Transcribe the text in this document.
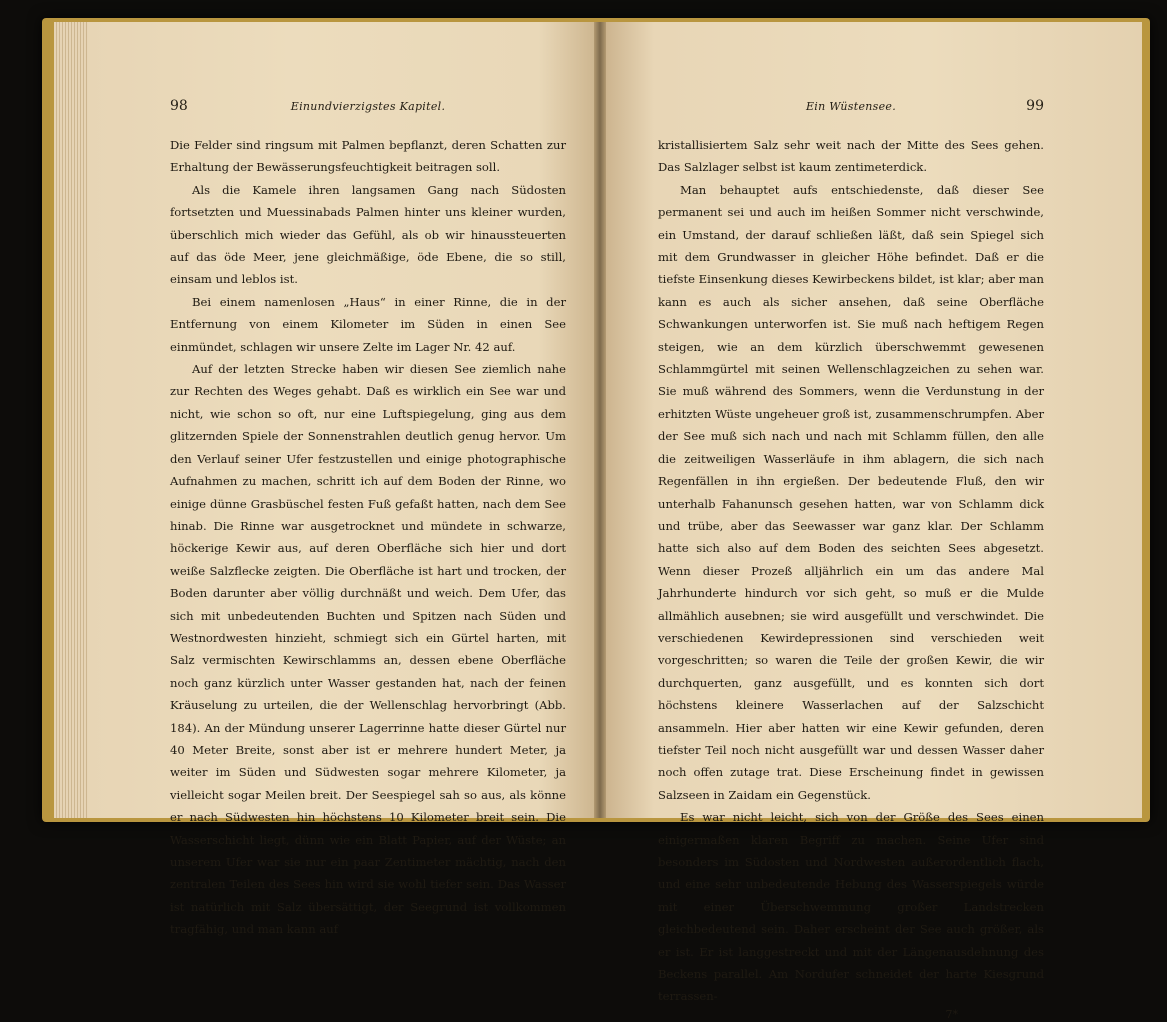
98	Einundvierzigstes Kapitel.

Die Felder sind ringsum mit Palmen bepflanzt, deren Schatten zur Erhaltung der Bewässerungsfeuchtigkeit beitragen soll.

Als die Kamele ihren langsamen Gang nach Südosten fortsetzten und Muessinabads Palmen hinter uns kleiner wurden, überschlich mich wieder das Gefühl, als ob wir hinaussteuerten auf das öde Meer, jene gleichmäßige, öde Ebene, die so still, einsam und leblos ist.

Bei einem namenlosen „Haus“ in einer Rinne, die in der Entfernung von einem Kilometer im Süden in einen See einmündet, schlagen wir unsere Zelte im Lager Nr. 42 auf.

Auf der letzten Strecke haben wir diesen See ziemlich nahe zur Rechten des Weges gehabt. Daß es wirklich ein See war und nicht, wie schon so oft, nur eine Luftspiegelung, ging aus dem glitzernden Spiele der Sonnenstrahlen deutlich genug hervor. Um den Verlauf seiner Ufer festzustellen und einige photographische Aufnahmen zu machen, schritt ich auf dem Boden der Rinne, wo einige dünne Grasbüschel festen Fuß gefaßt hatten, nach dem See hinab. Die Rinne war ausgetrocknet und mündete in schwarze, höckerige Kewir aus, auf deren Oberfläche sich hier und dort weiße Salzflecke zeigten. Die Oberfläche ist hart und trocken, der Boden darunter aber völlig durchnäßt und weich. Dem Ufer, das sich mit unbedeutenden Buchten und Spitzen nach Süden und Westnordwesten hinzieht, schmiegt sich ein Gürtel harten, mit Salz vermischten Kewirschlamms an, dessen ebene Oberfläche noch ganz kürzlich unter Wasser gestanden hat, nach der feinen Kräuselung zu urteilen, die der Wellenschlag hervorbringt (Abb. 184). An der Mündung unserer Lagerrinne hatte dieser Gürtel nur 40 Meter Breite, sonst aber ist er mehrere hundert Meter, ja weiter im Süden und Südwesten sogar mehrere Kilometer, ja vielleicht sogar Meilen breit. Der Seespiegel sah so aus, als könne er nach Südwesten hin höchstens 10 Kilometer breit sein. Die Wasserschicht liegt, dünn wie ein Blatt Papier, auf der Wüste; an unserem Ufer war sie nur ein paar Zentimeter mächtig, nach den zentralen Teilen des Sees hin wird sie wohl tiefer sein. Das Wasser ist natürlich mit Salz übersättigt, der Seegrund ist vollkommen tragfähig, und man kann auf

Ein Wüstensee.	99

kristallisiertem Salz sehr weit nach der Mitte des Sees gehen. Das Salzlager selbst ist kaum zentimeterdick.

Man behauptet aufs entschiedenste, daß dieser See permanent sei und auch im heißen Sommer nicht verschwinde, ein Umstand, der darauf schließen läßt, daß sein Spiegel sich mit dem Grundwasser in gleicher Höhe befindet. Daß er die tiefste Einsenkung dieses Kewirbeckens bildet, ist klar; aber man kann es auch als sicher ansehen, daß seine Oberfläche Schwankungen unterworfen ist. Sie muß nach heftigem Regen steigen, wie an dem kürzlich überschwemmt gewesenen Schlammgürtel mit seinen Wellenschlagzeichen zu sehen war. Sie muß während des Sommers, wenn die Verdunstung in der erhitzten Wüste ungeheuer groß ist, zusammenschrumpfen. Aber der See muß sich nach und nach mit Schlamm füllen, den alle die zeitweiligen Wasserläufe in ihm ablagern, die sich nach Regenfällen in ihn ergießen. Der bedeutende Fluß, den wir unterhalb Fahanunsch gesehen hatten, war von Schlamm dick und trübe, aber das Seewasser war ganz klar. Der Schlamm hatte sich also auf dem Boden des seichten Sees abgesetzt. Wenn dieser Prozeß alljährlich ein um das andere Mal Jahrhunderte hindurch vor sich geht, so muß er die Mulde allmählich ausebnen; sie wird ausgefüllt und verschwindet. Die verschiedenen Kewirdepressionen sind verschieden weit vorgeschritten; so waren die Teile der großen Kewir, die wir durchquerten, ganz ausgefüllt, und es konnten sich dort höchstens kleinere Wasserlachen auf der Salzschicht ansammeln. Hier aber hatten wir eine Kewir gefunden, deren tiefster Teil noch nicht ausgefüllt war und dessen Wasser daher noch offen zutage trat. Diese Erscheinung findet in gewissen Salzseen in Zaidam ein Gegenstück.

Es war nicht leicht, sich von der Größe des Sees einen einigermaßen klaren Begriff zu machen. Seine Ufer sind besonders im Südosten und Nordwesten außerordentlich flach, und eine sehr unbedeutende Hebung des Wasserspiegels würde mit einer Überschwemmung großer Landstrecken gleichbedeutend sein. Daher erscheint der See auch größer, als er ist. Er ist langgestreckt und mit der Längenausdehnung des Beckens parallel. Am Nordufer schneidet der harte Kiesgrund terrassen-

7*
